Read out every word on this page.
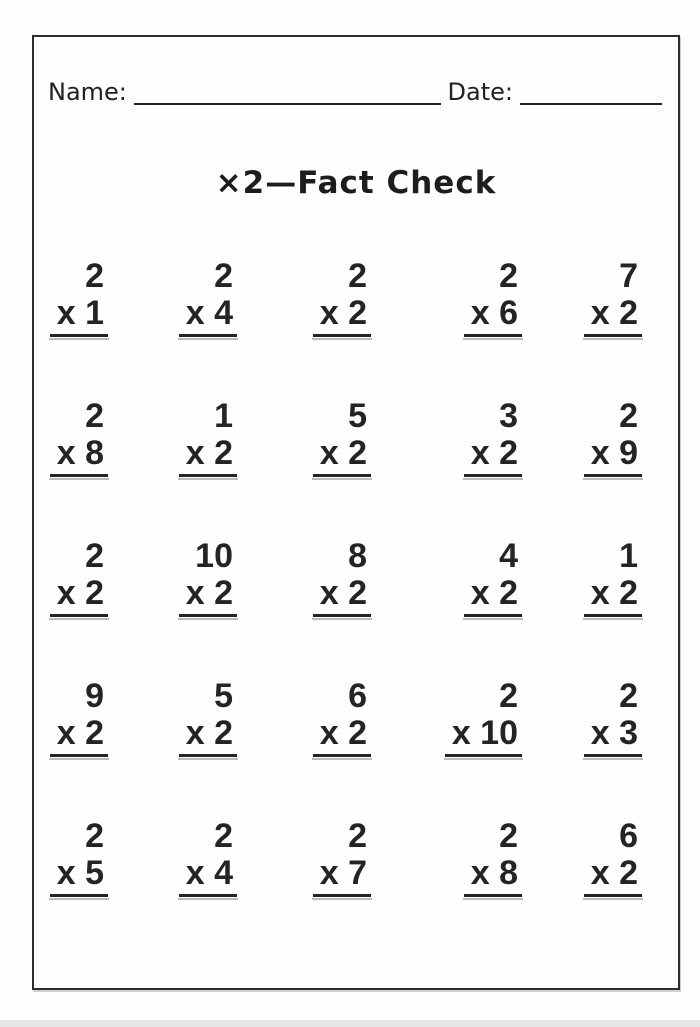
Name:	Date:
×2—Fact Check
2
x 1
2
x 4
2
x 2
2
x 6
7
x 2
2
x 8
1
x 2
5
x 2
3
x 2
2
x 9
2
x 2
10
x 2
8
x 2
4
x 2
1
x 2
9
x 2
5
x 2
6
x 2
2
x 10
2
x 3
2
x 5
2
x 4
2
x 7
2
x 8
6
x 2
